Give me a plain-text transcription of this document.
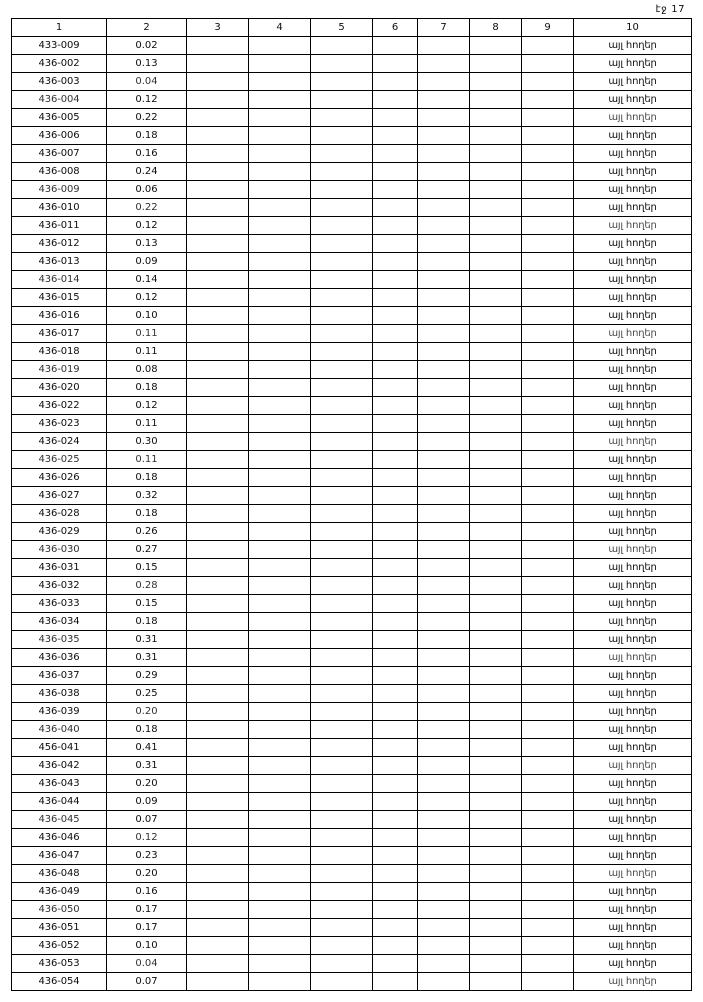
էջ 17
1	2	3	4	5	6	7	8	9	10
433-009	0.02								այլ հողեր
436-002	0.13								այլ հողեր
436-003	0.04								այլ հողեր
436-004	0.12								այլ հողեր
436-005	0.22								այլ հողեր
436-006	0.18								այլ հողեր
436-007	0.16								այլ հողեր
436-008	0.24								այլ հողեր
436-009	0.06								այլ հողեր
436-010	0.22								այլ հողեր
436-011	0.12								այլ հողեր
436-012	0.13								այլ հողեր
436-013	0.09								այլ հողեր
436-014	0.14								այլ հողեր
436-015	0.12								այլ հողեր
436-016	0.10								այլ հողեր
436-017	0.11								այլ հողեր
436-018	0.11								այլ հողեր
436-019	0.08								այլ հողեր
436-020	0.18								այլ հողեր
436-022	0.12								այլ հողեր
436-023	0.11								այլ հողեր
436-024	0.30								այլ հողեր
436-025	0.11								այլ հողեր
436-026	0.18								այլ հողեր
436-027	0.32								այլ հողեր
436-028	0.18								այլ հողեր
436-029	0.26								այլ հողեր
436-030	0.27								այլ հողեր
436-031	0.15								այլ հողեր
436-032	0.28								այլ հողեր
436-033	0.15								այլ հողեր
436-034	0.18								այլ հողեր
436-035	0.31								այլ հողեր
436-036	0.31								այլ հողեր
436-037	0.29								այլ հողեր
436-038	0.25								այլ հողեր
436-039	0.20								այլ հողեր
436-040	0.18								այլ հողեր
456-041	0.41								այլ հողեր
436-042	0.31								այլ հողեր
436-043	0.20								այլ հողեր
436-044	0.09								այլ հողեր
436-045	0.07								այլ հողեր
436-046	0.12								այլ հողեր
436-047	0.23								այլ հողեր
436-048	0.20								այլ հողեր
436-049	0.16								այլ հողեր
436-050	0.17								այլ հողեր
436-051	0.17								այլ հողեր
436-052	0.10								այլ հողեր
436-053	0.04								այլ հողեր
436-054	0.07								այլ հողեր
